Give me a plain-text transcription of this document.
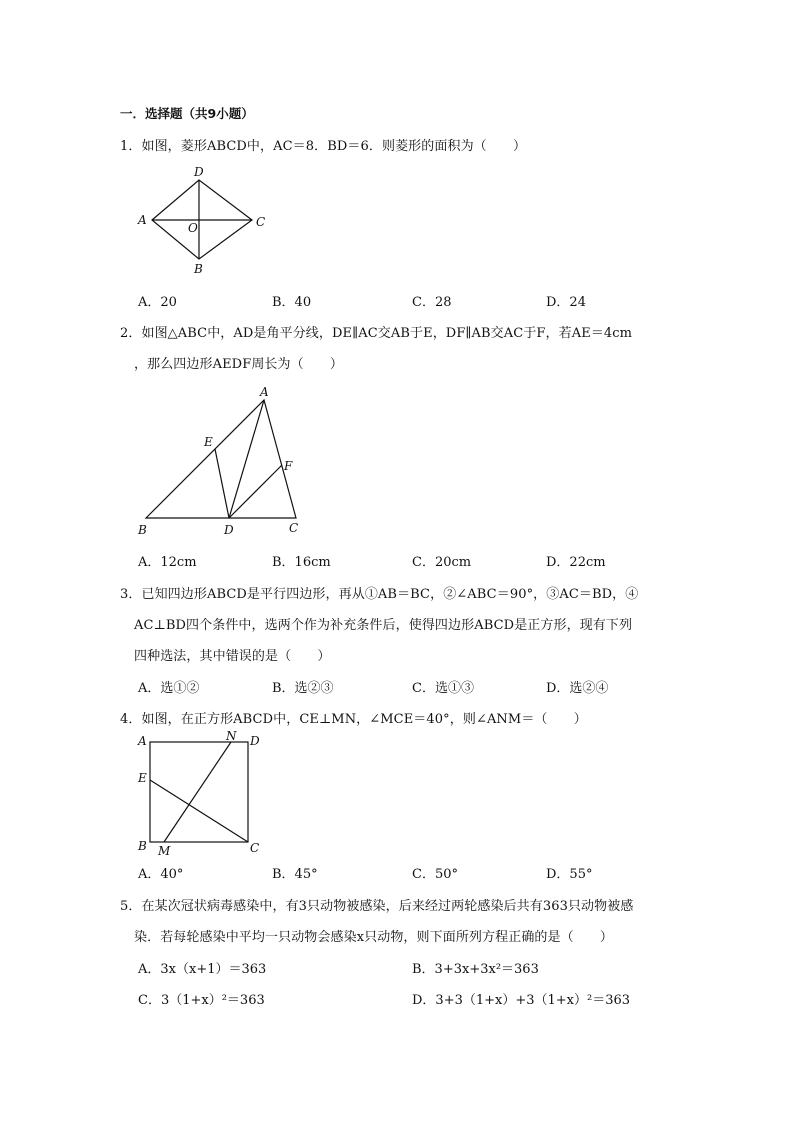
一．选择题（共9小题）
1．如图，菱形ABCD中，AC＝8．BD＝6．则菱形的面积为（　　）
D
A	C
O
B
A．20	B．40	C．28	D．24
2．如图△ABC中，AD是角平分线，DE∥AC交AB于E，DF∥AB交AC于F，若AE＝4cm
，那么四边形AEDF周长为（　　）
A
E
F
B	D	C
A．12cm	B．16cm	C．20cm	D．22cm
3．已知四边形ABCD是平行四边形，再从①AB＝BC，②∠ABC＝90°，③AC＝BD，④
AC⊥BD四个条件中，选两个作为补充条件后，使得四边形ABCD是正方形，现有下列
四种选法，其中错误的是（　　）
A．选①②	B．选②③	C．选①③	D．选②④
4．如图，在正方形ABCD中，CE⊥MN，∠MCE＝40°，则∠ANM＝（　　）
A	N D
E
B M	C
A．40°	B．45°	C．50°	D．55°
5．在某次冠状病毒感染中，有3只动物被感染，后来经过两轮感染后共有363只动物被感
染．若每轮感染中平均一只动物会感染x只动物，则下面所列方程正确的是（　　）
A．3x（x+1）＝363	B．3+3x+3x²＝363
C．3（1+x）²＝363	D．3+3（1+x）+3（1+x）²＝363
